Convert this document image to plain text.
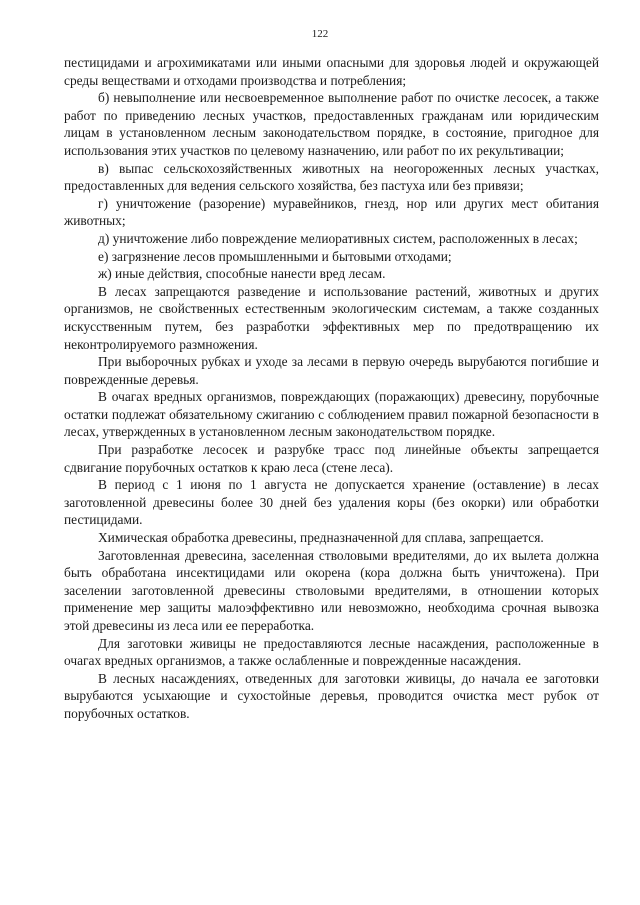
122

пестицидами и агрохимикатами или иными опасными для здоровья людей и окружающей среды веществами и отходами производства и потребления;

б) невыполнение или несвоевременное выполнение работ по очистке лесосек, а также работ по приведению лесных участков, предоставленных гражданам или юридическим лицам в установленном лесным законодательством порядке, в состояние, пригодное для использования этих участков по целевому назначению, или работ по их рекультивации;

в) выпас сельскохозяйственных животных на неогороженных лесных участках, предоставленных для ведения сельского хозяйства, без пастуха или без привязи;

г) уничтожение (разорение) муравейников, гнезд, нор или других мест обитания животных;

д) уничтожение либо повреждение мелиоративных систем, расположенных в лесах;

е) загрязнение лесов промышленными и бытовыми отходами;

ж) иные действия, способные нанести вред лесам.

В лесах запрещаются разведение и использование растений, животных и других организмов, не свойственных естественным экологическим системам, а также созданных искусственным путем, без разработки эффективных мер по предотвращению их неконтролируемого размножения.

При выборочных рубках и уходе за лесами в первую очередь вырубаются погибшие и поврежденные деревья.

В очагах вредных организмов, повреждающих (поражающих) древесину, порубочные остатки подлежат обязательному сжиганию с соблюдением правил пожарной безопасности в лесах, утвержденных в установленном лесным законодательством порядке.

При разработке лесосек и разрубке трасс под линейные объекты запрещается сдвигание порубочных остатков к краю леса (стене леса).

В период с 1 июня по 1 августа не допускается хранение (оставление) в лесах заготовленной древесины более 30 дней без удаления коры (без окорки) или обработки пестицидами.

Химическая обработка древесины, предназначенной для сплава, запрещается.

Заготовленная древесина, заселенная стволовыми вредителями, до их вылета должна быть обработана инсектицидами или окорена (кора должна быть уничтожена). При заселении заготовленной древесины стволовыми вредителями, в отношении которых применение мер защиты малоэффективно или невозможно, необходима срочная вывозка этой древесины из леса или ее переработка.

Для заготовки живицы не предоставляются лесные насаждения, расположенные в очагах вредных организмов, а также ослабленные и поврежденные насаждения.

В лесных насаждениях, отведенных для заготовки живицы, до начала ее заготовки вырубаются усыхающие и сухостойные деревья, проводится очистка мест рубок от порубочных остатков.
